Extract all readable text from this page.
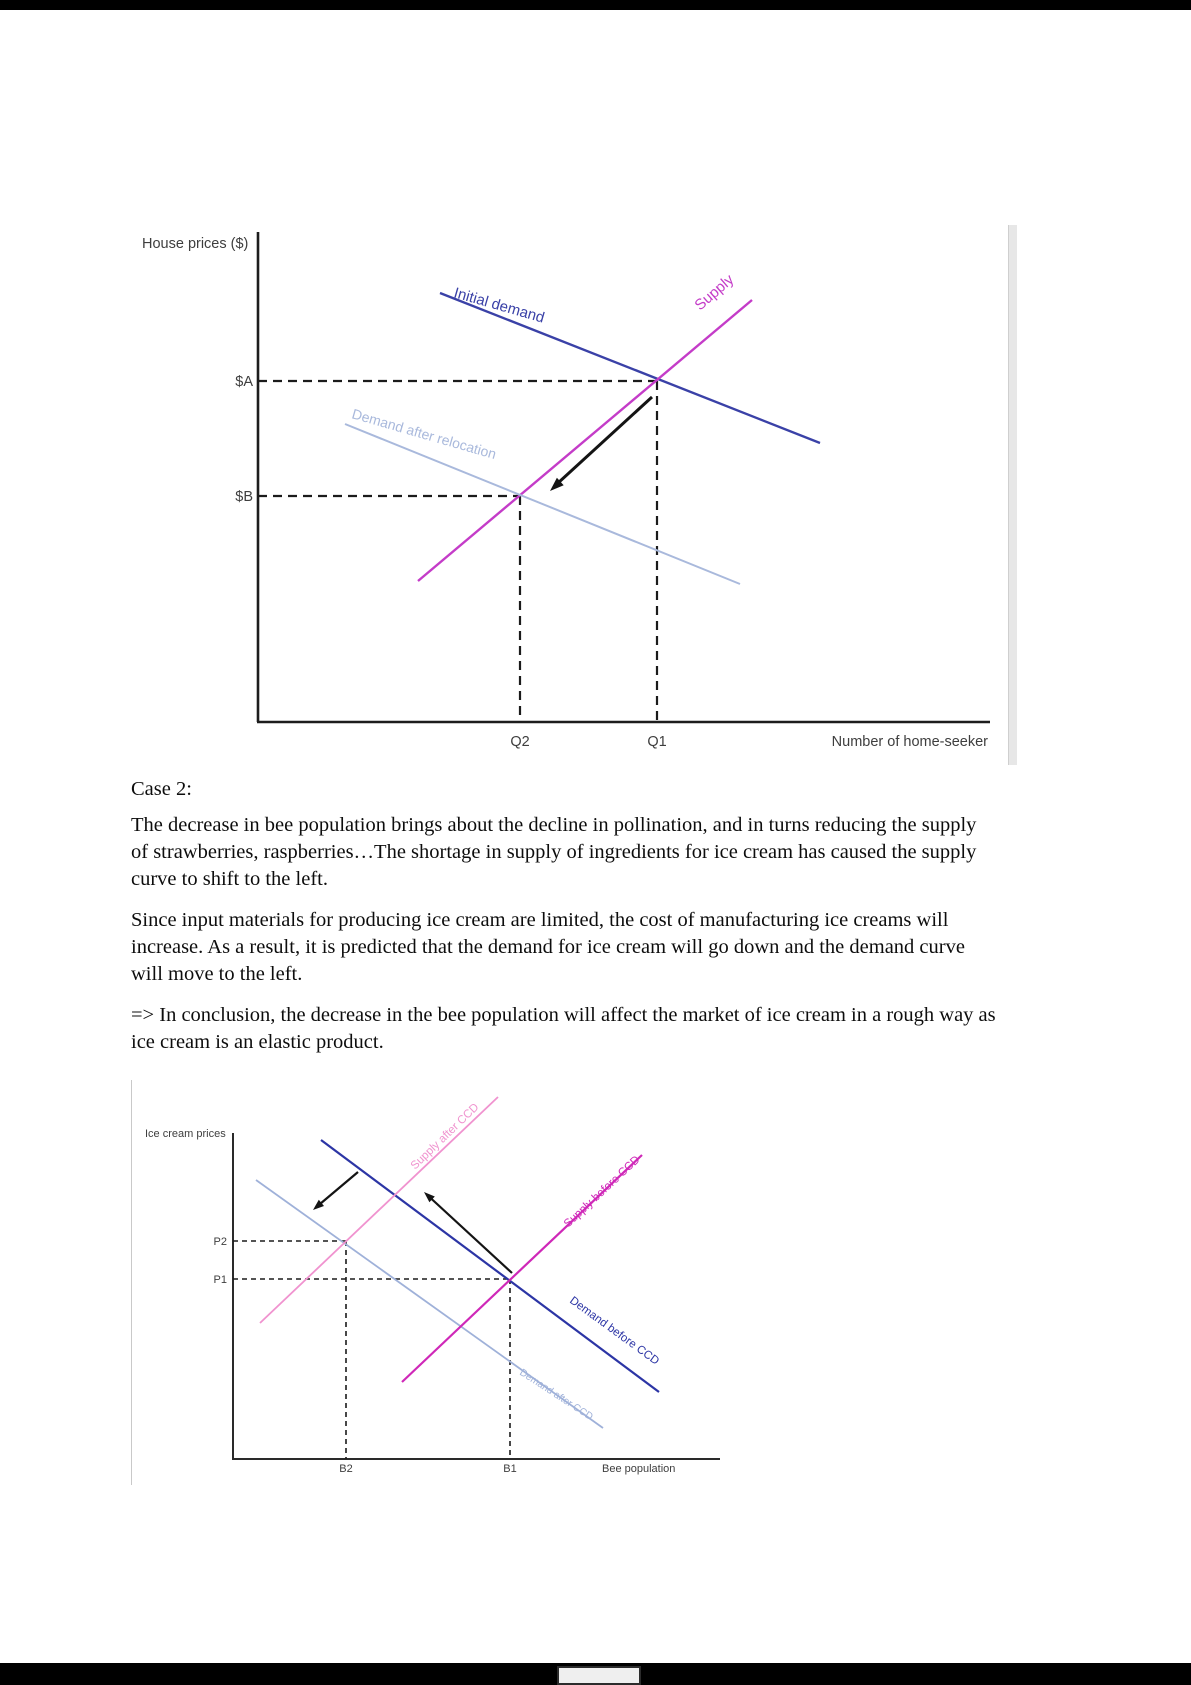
House prices ($)
$A
$B
Q2	Q1	Number of home-seeker
Initial demand	Supply
Demand after relocation

Case 2:

The decrease in bee population brings about the decline in pollination, and in turns reducing the supply of strawberries, raspberries…The shortage in supply of ingredients for ice cream has caused the supply curve to shift to the left.

Since input materials for producing ice cream are limited, the cost of manufacturing ice creams will increase. As a result, it is predicted that the demand for ice cream will go down and the demand curve will move to the left.

=> In conclusion, the decrease in the bee population will affect the market of ice cream in a rough way as ice cream is an elastic product.

Ice cream prices
P2
P1
B2	B1	Bee population
Supply after CCD
Supply before CCD
Demand before CCD
Demand after CCD
